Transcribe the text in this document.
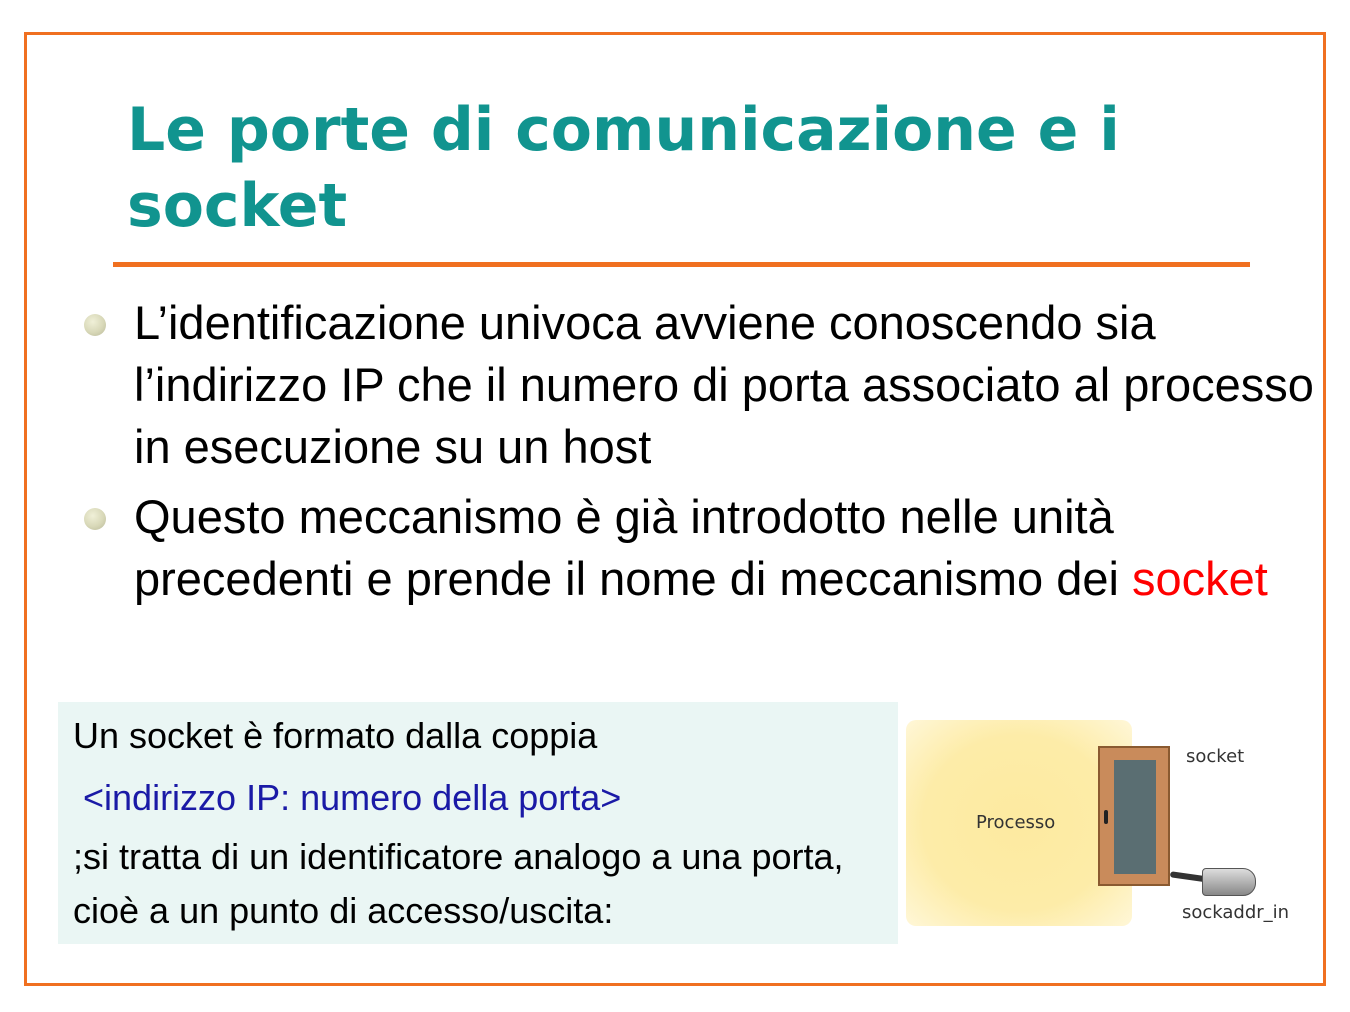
Le porte di comunicazione e i socket
L’identificazione univoca avviene conoscendo sia l’indirizzo IP che il numero di porta associato al processo in esecuzione su un host
Questo meccanismo è già introdotto nelle unità precedenti e prende il nome di meccanismo dei socket
Un socket è formato dalla coppia
<indirizzo IP: numero della porta>
;si tratta di un identificatore analogo a una porta, cioè a un punto di accesso/uscita:
Processo
socket
sockaddr_in
